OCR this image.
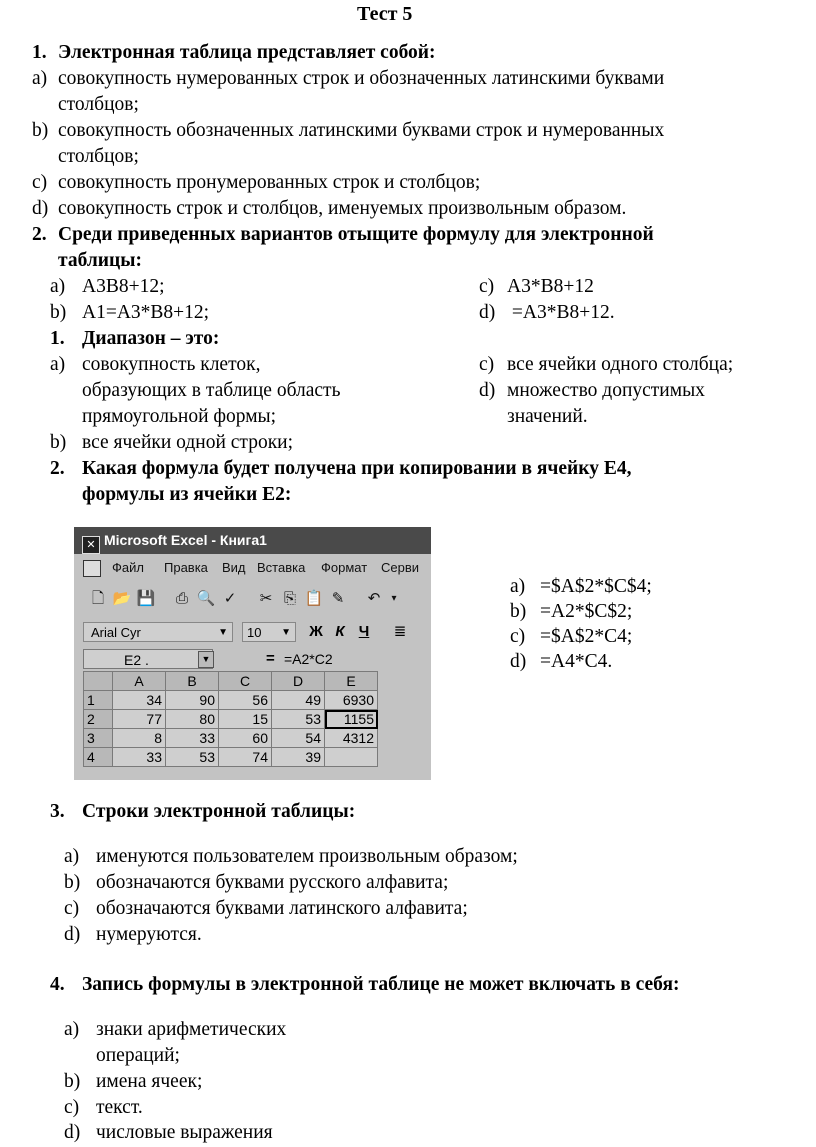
Тест 5
1. Электронная таблица представляет собой:
a) совокупность нумерованных строк и обозначенных латинскими буквами
столбцов;
b) совокупность обозначенных латинскими буквами строк и нумерованных
столбцов;
c) совокупность пронумерованных строк и столбцов;
d) совокупность строк и столбцов, именуемых произвольным образом.
2. Среди приведенных вариантов отыщите формулу для электронной
таблицы:
a) A3B8+12;
b) A1=A3*B8+12;
c) A3*B8+12
d) =A3*B8+12.
1. Диапазон – это:
a) совокупность клеток,
образующих в таблице область
прямоугольной формы;
b) все ячейки одной строки;
c) все ячейки одного столбца;
d) множество допустимых
значений.
2. Какая формула будет получена при копировании в ячейку E4,
формулы из ячейки E2:
a) =$A$2*$C$4;
b) =A2*$C$2;
c) =$A$2*C4;
d) =A4*C4.
✕ Microsoft Excel - Книга1
Файл Правка Вид Вставка Формат Серви
🗋 📂 💾 ⎙ 🔍 ✓ ✂ ⎘ 📋 ✎ ↶	▾
Arial Cyr	▼	10 ▼ Ж К Ч	≣
E2 .	▼	= =A2*C2
	A	B	C	D	E
1	34	90	56	49	6930
2	77	80	15	53	1155
3	8	33	60	54	4312
4	33	53	74	39	
3. Строки электронной таблицы:
a) именуются пользователем произвольным образом;
b) обозначаются буквами русского алфавита;
c) обозначаются буквами латинского алфавита;
d) нумеруются.
4. Запись формулы в электронной таблице не может включать в себя:
a) знаки арифметических
операций;
b) имена ячеек;
c) текст.
d) числовые выражения
